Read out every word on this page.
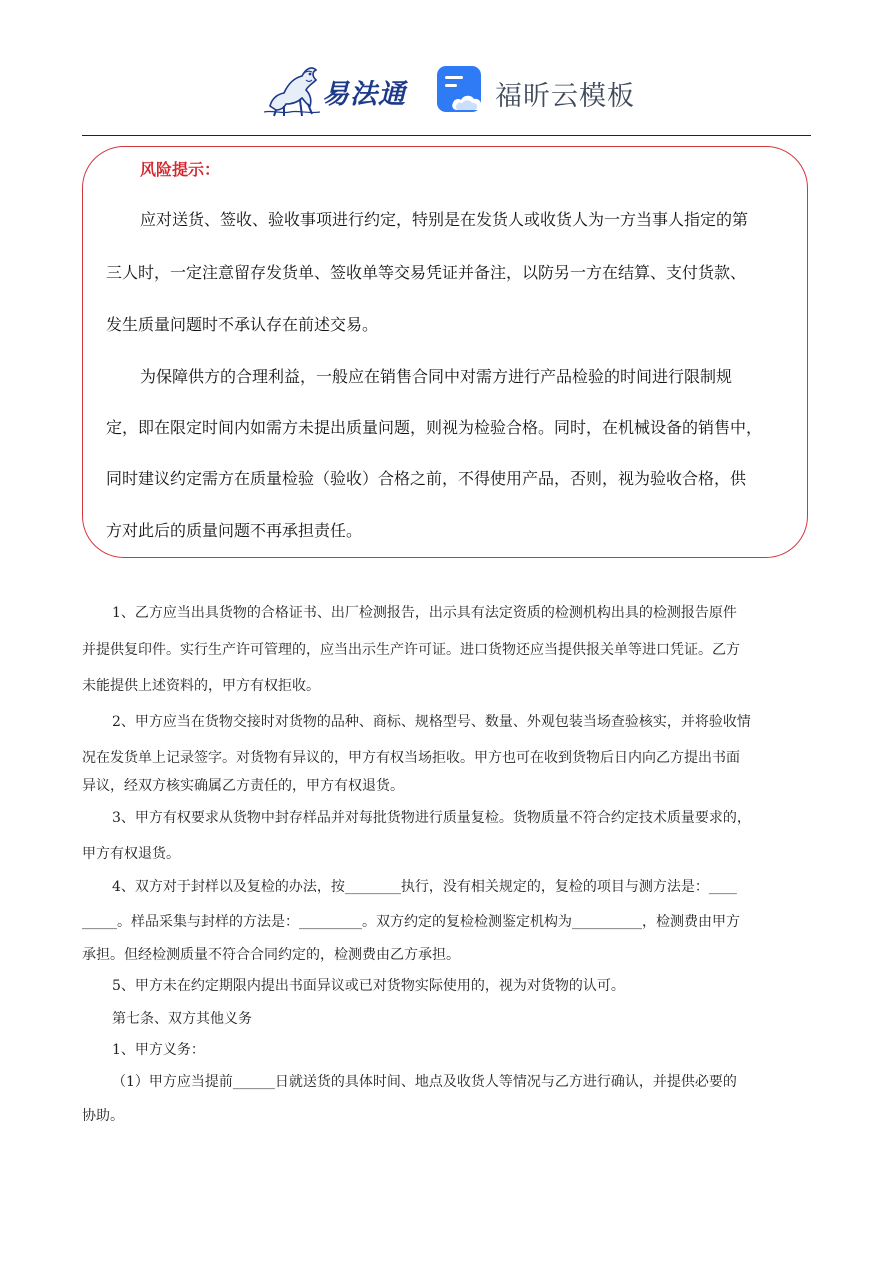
易法通	福昕云模板
风险提示：
应对送货、签收、验收事项进行约定，特别是在发货人或收货人为一方当事人指定的第
三人时，一定注意留存发货单、签收单等交易凭证并备注，以防另一方在结算、支付货款、
发生质量问题时不承认存在前述交易。
为保障供方的合理利益，一般应在销售合同中对需方进行产品检验的时间进行限制规
定，即在限定时间内如需方未提出质量问题，则视为检验合格。同时，在机械设备的销售中，
同时建议约定需方在质量检验（验收）合格之前，不得使用产品，否则，视为验收合格，供
方对此后的质量问题不再承担责任。
1、乙方应当出具货物的合格证书、出厂检测报告，出示具有法定资质的检测机构出具的检测报告原件
并提供复印件。实行生产许可管理的，应当出示生产许可证。进口货物还应当提供报关单等进口凭证。乙方
未能提供上述资料的，甲方有权拒收。
2、甲方应当在货物交接时对货物的品种、商标、规格型号、数量、外观包装当场查验核实，并将验收情
况在发货单上记录签字。对货物有异议的，甲方有权当场拒收。甲方也可在收到货物后日内向乙方提出书面
异议，经双方核实确属乙方责任的，甲方有权退货。
3、甲方有权要求从货物中封存样品并对每批货物进行质量复检。货物质量不符合约定技术质量要求的，
甲方有权退货。
4、双方对于封样以及复检的办法，按________执行，没有相关规定的，复检的项目与测方法是：____
_____。样品采集与封样的方法是：_________。双方约定的复检检测鉴定机构为__________，检测费由甲方
承担。但经检测质量不符合合同约定的，检测费由乙方承担。
5、甲方未在约定期限内提出书面异议或已对货物实际使用的，视为对货物的认可。
第七条、双方其他义务
1、甲方义务：
（1）甲方应当提前______日就送货的具体时间、地点及收货人等情况与乙方进行确认，并提供必要的
协助。
